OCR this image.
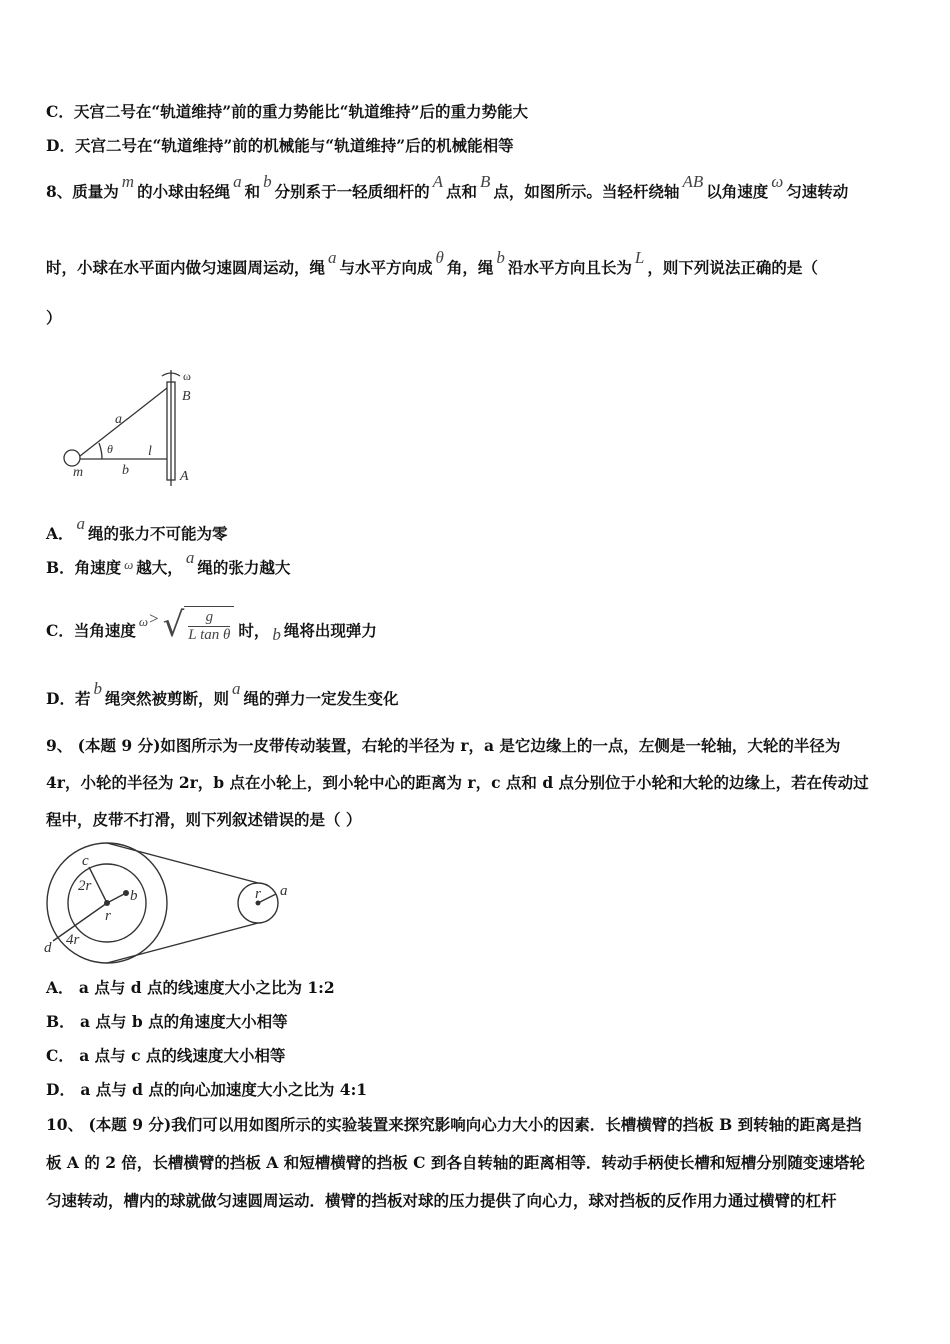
C．天宫二号在“轨道维持”前的重力势能比“轨道维持”后的重力势能大
D．天宫二号在“轨道维持”前的机械能与“轨道维持”后的机械能相等
8、质量为m的小球由轻绳a和b分别系于一轻质细杆的A点和B点，如图所示。当轻杆绕轴AB以角速度ω匀速转动
时，小球在水平面内做匀速圆周运动，绳a与水平方向成θ角，绳b沿水平方向且长为L，则下列说法正确的是（
）
ω
B
A
a
θ	l
m	b
A．a绳的张力不可能为零
B．角速度 $^\omega$ 越大，a绳的张力越大
C．当角速度 $^\omega$> √	g
L tan θ 时， b 绳将出现弹力
D．若b绳突然被剪断，则a绳的弹力一定发生变化
9、 (本题 9 分)如图所示为一皮带传动装置，右轮的半径为 r，a 是它边缘上的一点，左侧是一轮轴，大轮的半径为
4r，小轮的半径为 2r，b 点在小轮上，到小轮中心的距离为 r，c 点和 d 点分别位于小轮和大轮的边缘上，若在传动过
程中，皮带不打滑，则下列叙述错误的是（ ）
c
2r
b
r
d 4r
r a
A． a 点与 d 点的线速度大小之比为 1:2
B． a 点与 b 点的角速度大小相等
C． a 点与 c 点的线速度大小相等
D． a 点与 d 点的向心加速度大小之比为 4:1
10、 (本题 9 分)我们可以用如图所示的实验装置来探究影响向心力大小的因素．长槽横臂的挡板 B 到转轴的距离是挡
板 A 的 2 倍，长槽横臂的挡板 A 和短槽横臂的挡板 C 到各自转轴的距离相等．转动手柄使长槽和短槽分别随变速塔轮
匀速转动，槽内的球就做匀速圆周运动．横臂的挡板对球的压力提供了向心力，球对挡板的反作用力通过横臂的杠杆
